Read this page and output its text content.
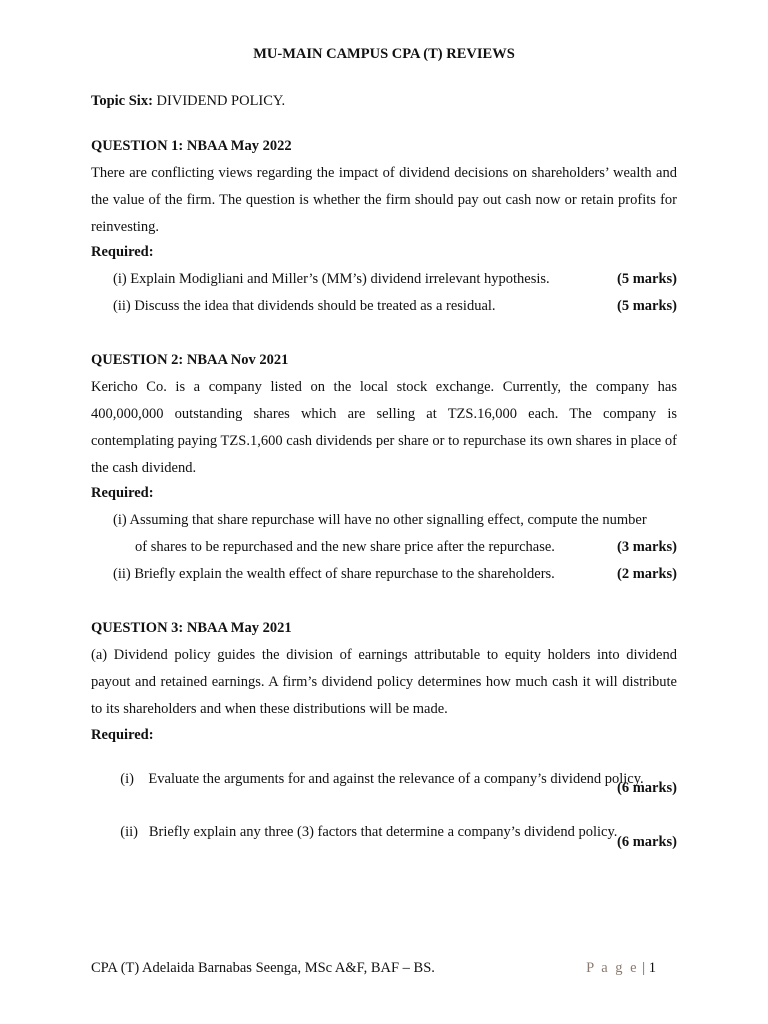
MU-MAIN CAMPUS CPA (T) REVIEWS
Topic Six: DIVIDEND POLICY.
QUESTION 1: NBAA May 2022
There are conflicting views regarding the impact of dividend decisions on shareholders’ wealth and the value of the firm. The question is whether the firm should pay out cash now or retain profits for reinvesting.
Required:
(i) Explain Modigliani and Miller’s (MM’s) dividend irrelevant hypothesis.	(5 marks)
(ii) Discuss the idea that dividends should be treated as a residual.	(5 marks)
QUESTION 2: NBAA Nov 2021
Kericho Co. is a company listed on the local stock exchange. Currently, the company has 400,000,000 outstanding shares which are selling at TZS.16,000 each. The company is contemplating paying TZS.1,600 cash dividends per share or to repurchase its own shares in place of the cash dividend.
Required:
(i) Assuming that share repurchase will have no other signalling effect, compute the number
of shares to be repurchased and the new share price after the repurchase.	(3 marks)
(ii) Briefly explain the wealth effect of share repurchase to the shareholders.	(2 marks)
QUESTION 3: NBAA May 2021
(a) Dividend policy guides the division of earnings attributable to equity holders into dividend payout and retained earnings. A firm’s dividend policy determines how much cash it will distribute to its shareholders and when these distributions will be made.
Required:

(i)    Evaluate the arguments for and against the relevance of a company’s dividend policy.

(6 marks)

(ii)   Briefly explain any three (3) factors that determine a company’s dividend policy.

(6 marks)
CPA (T) Adelaida Barnabas Seenga, MSc A&F, BAF – BS.	P a g e | 1
